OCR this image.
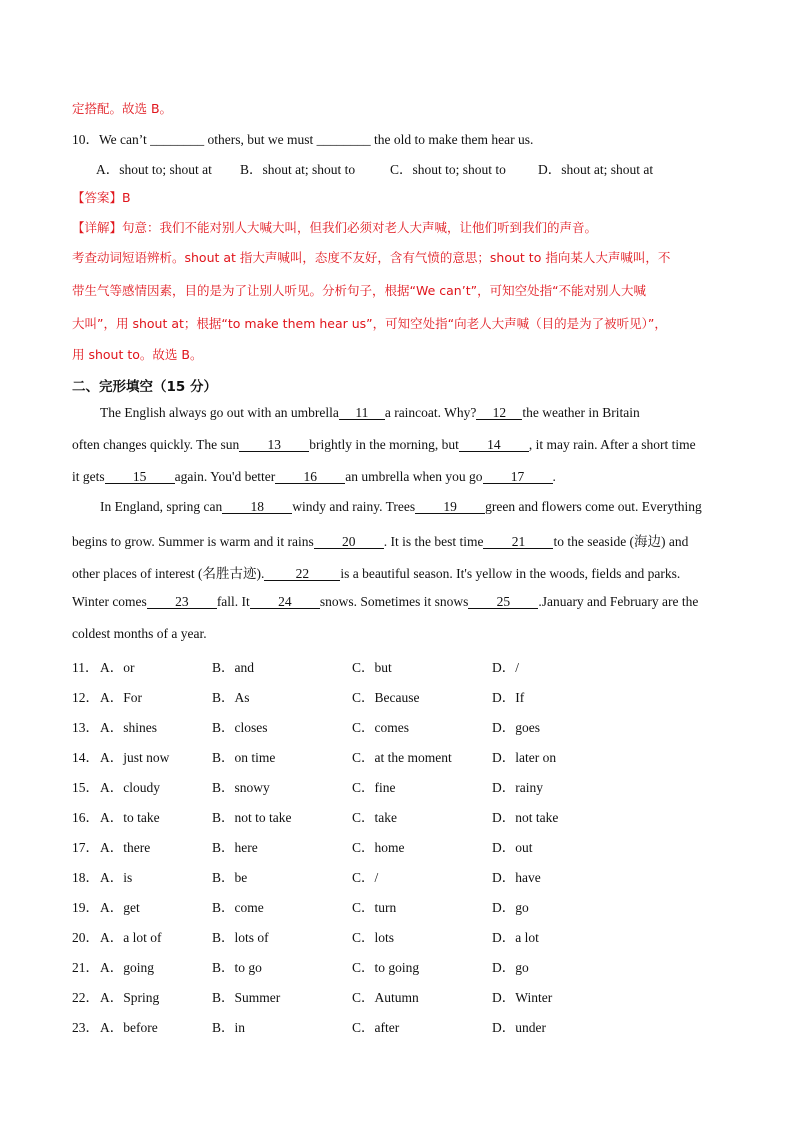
定搭配。故选 B。
10．We can’t ________ others, but we must ________ the old to make them hear us.
A．shout to; shout at B．shout at; shout to	C．shout to; shout to D．shout at; shout at
【答案】B
【详解】句意：我们不能对别人大喊大叫，但我们必须对老人大声喊，让他们听到我们的声音。
考查动词短语辨析。shout at 指大声喊叫，态度不友好，含有气愤的意思；shout to 指向某人大声喊叫，不
带生气等感情因素，目的是为了让别人听见。分析句子，根据“We can’t”，可知空处指“不能对别人大喊
大叫”，用 shout at；根据“to make them hear us”，可知空处指“向老人大声喊（目的是为了被听见）”，
用 shout to。故选 B。
二、完形填空（15 分）
The English always go out with an umbrella 11 a raincoat. Why? 12 the weather in Britain
often changes quickly. The sun 13 brightly in the morning, but 14 , it may rain. After a short time
it gets 15 again. You'd better 16 an umbrella when you go 17 .
In England, spring can 18 windy and rainy. Trees 19 green and flowers come out. Everything
begins to grow. Summer is warm and it rains 20 . It is the best time 21 to the seaside (海边) and
other places of interest (名胜古迹). 22 is a beautiful season. It's yellow in the woods, fields and parks.
Winter comes 23 fall. It 24 snows. Sometimes it snows 25 .January and February are the
coldest months of a year.
11． A．or	B．and	C．but	D．/
12． A．For	B．As	C．Because	D．If
13． A．shines	B．closes	C．comes	D．goes
14． A．just now	B．on time	C．at the moment	D．later on
15． A．cloudy	B．snowy	C．fine	D．rainy
16． A．to take	B．not to take	C．take	D．not take
17． A．there	B．here	C．home	D．out
18． A．is	B．be	C．/	D．have
19． A．get	B．come	C．turn	D．go
20． A．a lot of	B．lots of	C．lots	D．a lot
21． A．going	B．to go	C．to going	D．go
22． A．Spring	B．Summer	C．Autumn	D．Winter
23． A．before	B．in	C．after	D．under
